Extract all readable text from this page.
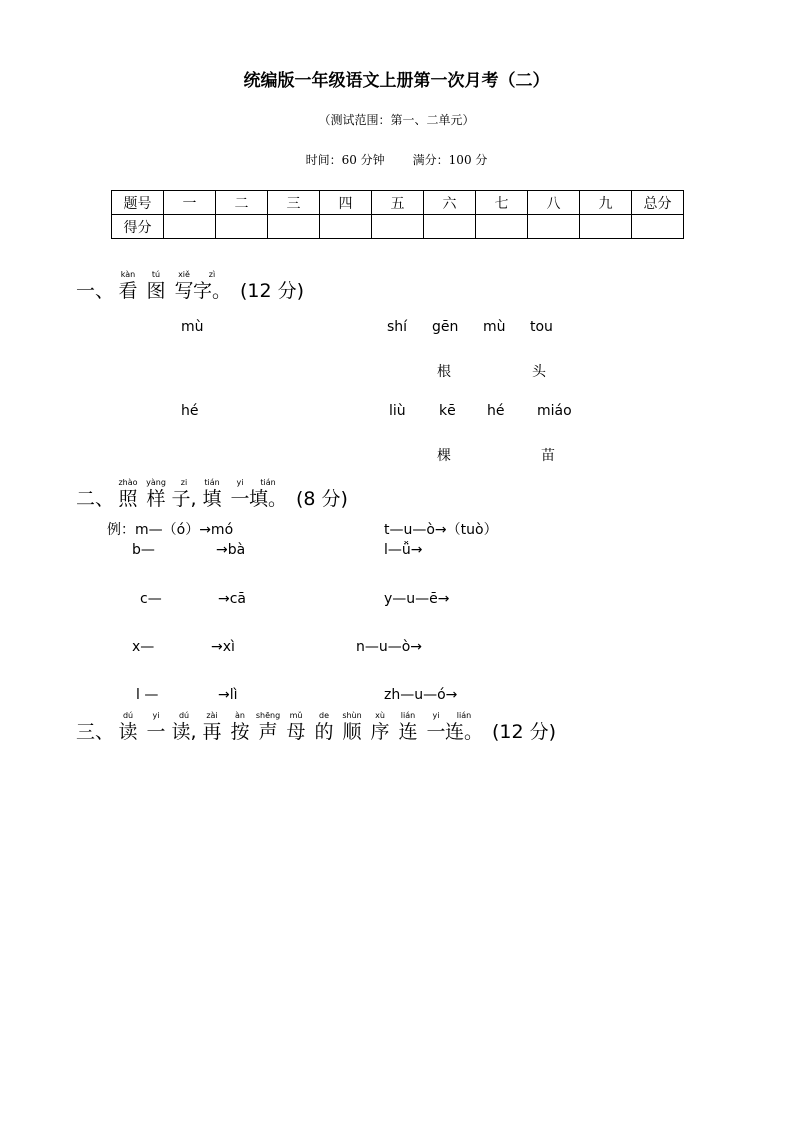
统编版一年级语文上册第一次月考（二）
（测试范围：第一、二单元）
时间：60 分钟 满分：100 分
题号	一	二	三	四	五	六	七	八	九	总分
得分										
一、
kàn
看
tú
图
xiě
写
zì
字。 (12 分)
mù	shí gēn mù tou
根	头
hé	liù kē hé miáo
棵	苗
二、
zhào
照
yàng
样
zi
子,
tián
填
yi
一
tián
填。 (8 分)
例：m—（ó）→mó	t—u—ò→（tuò）
b—	→bà	l—ǚ→
c—	→cā	y—u—ē→
x—	→xì	n—u—ò→
l —	→lì	zh—u—ó→
三、
dú
读
yi
一
dú
读,
zài
再
àn
按
shēng
声
mǔ
母
de
的
shùn
顺
xù
序
lián
连
yi
一
lián
连。 (12 分)
